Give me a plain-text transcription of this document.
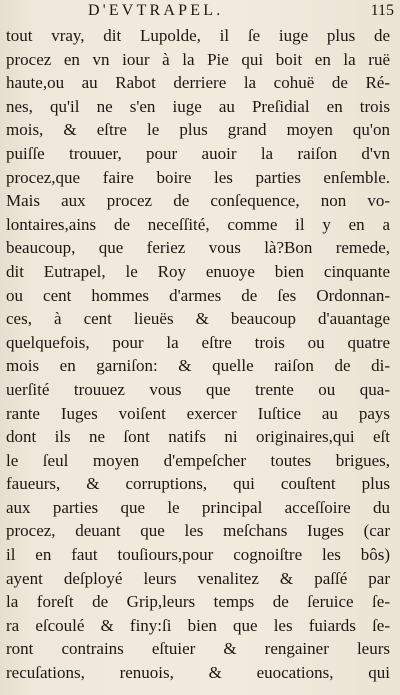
D'EVTRAPEL.	115
tout vray, dit Lupolde, il ſe iuge plus de
procez en vn iour à la Pie qui boit en la ruë
haute,ou au Rabot derriere la cohuë de Ré-
nes, qu'il ne s'en iuge au Preſidial en trois
mois, & eſtre le plus grand moyen qu'on
puiſſe trouuer, pour auoir la raiſon d'vn
procez,que faire boire les parties enſemble.
Mais aux procez de conſequence, non vo-
lontaires,ains de neceſſité, comme il y en a
beaucoup, que feriez vous là?Bon remede,
dit Eutrapel, le Roy enuoye bien cinquante
ou cent hommes d'armes de ſes Ordonnan-
ces, à cent lieuës & beaucoup d'auantage
quelquefois, pour la eſtre trois ou quatre
mois en garniſon: & quelle raiſon de di-
uerſité trouuez vous que trente ou qua-
rante Iuges voiſent exercer Iuſtice au pays
dont ils ne ſont natifs ni originaires,qui eſt
le ſeul moyen d'empeſcher toutes brigues,
faueurs, & corruptions, qui couſtent plus
aux parties que le principal acceſſoire du
procez, deuant que les meſchans Iuges (car
il en faut touſiours,pour cognoiſtre les bôs)
ayent deſployé leurs venalitez & paſſé par
la foreſt de Grip,leurs temps de ſeruice ſe-
ra eſcoulé & finy:ſi bien que les fuiards ſe-
ront contrains eſtuier & rengainer leurs
recuſations, renuois, & euocations, qui
